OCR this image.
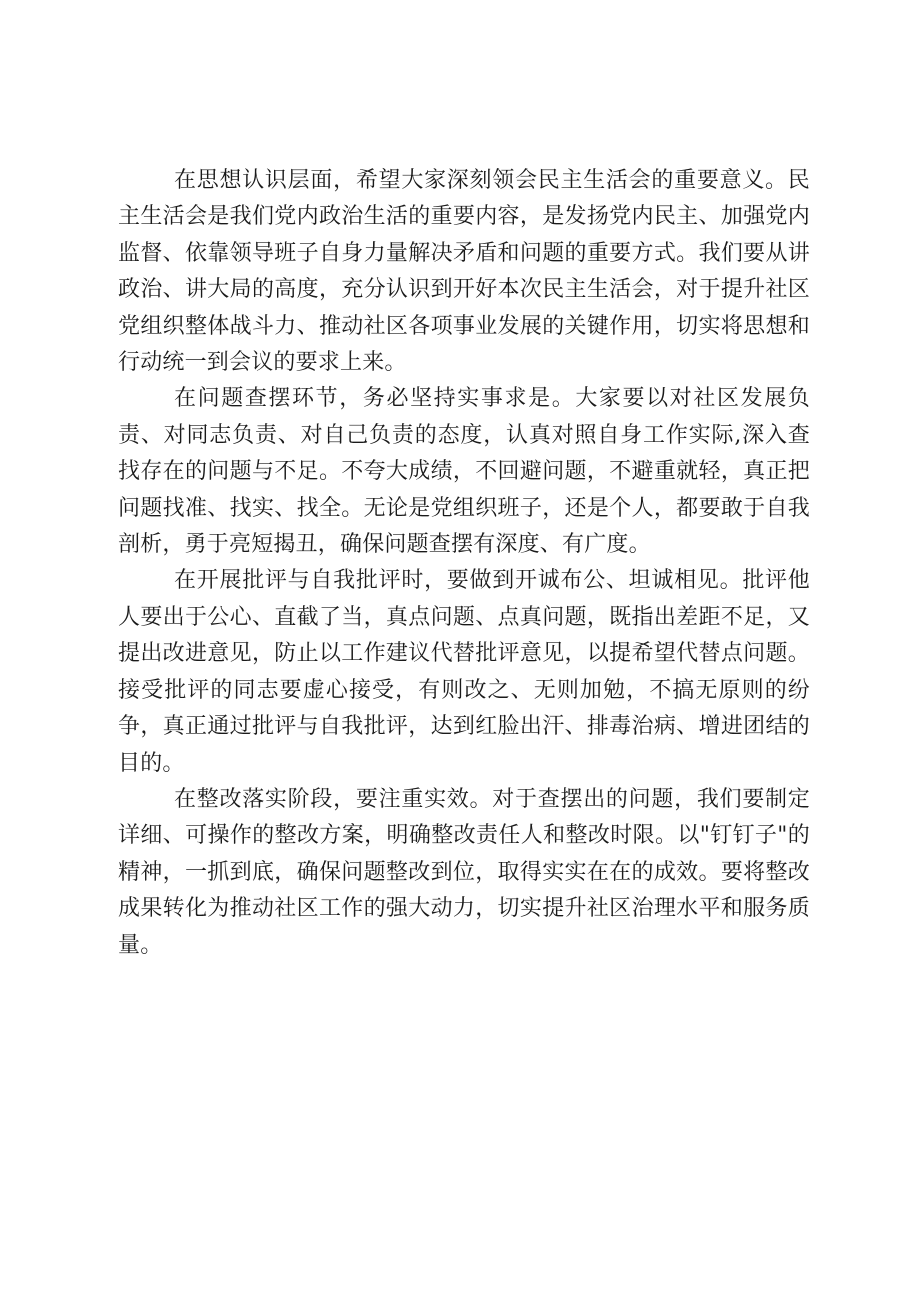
在思想认识层面，希望大家深刻领会民主生活会的重要意义。民主生活会是我们党内政治生活的重要内容，是发扬党内民主、加强党内监督、依靠领导班子自身力量解决矛盾和问题的重要方式。我们要从讲政治、讲大局的高度，充分认识到开好本次民主生活会，对于提升社区党组织整体战斗力、推动社区各项事业发展的关键作用，切实将思想和行动统一到会议的要求上来。

在问题查摆环节，务必坚持实事求是。大家要以对社区发展负责、对同志负责、对自己负责的态度，认真对照自身工作实际,深入查找存在的问题与不足。不夸大成绩，不回避问题，不避重就轻，真正把问题找准、找实、找全。无论是党组织班子，还是个人，都要敢于自我剖析，勇于亮短揭丑，确保问题查摆有深度、有广度。

在开展批评与自我批评时，要做到开诚布公、坦诚相见。批评他人要出于公心、直截了当，真点问题、点真问题，既指出差距不足，又提出改进意见，防止以工作建议代替批评意见，以提希望代替点问题。接受批评的同志要虚心接受，有则改之、无则加勉，不搞无原则的纷争，真正通过批评与自我批评，达到红脸出汗、排毒治病、增进团结的目的。

在整改落实阶段，要注重实效。对于查摆出的问题，我们要制定详细、可操作的整改方案，明确整改责任人和整改时限。以"钉钉子"的精神，一抓到底，确保问题整改到位，取得实实在在的成效。要将整改成果转化为推动社区工作的强大动力，切实提升社区治理水平和服务质量。
